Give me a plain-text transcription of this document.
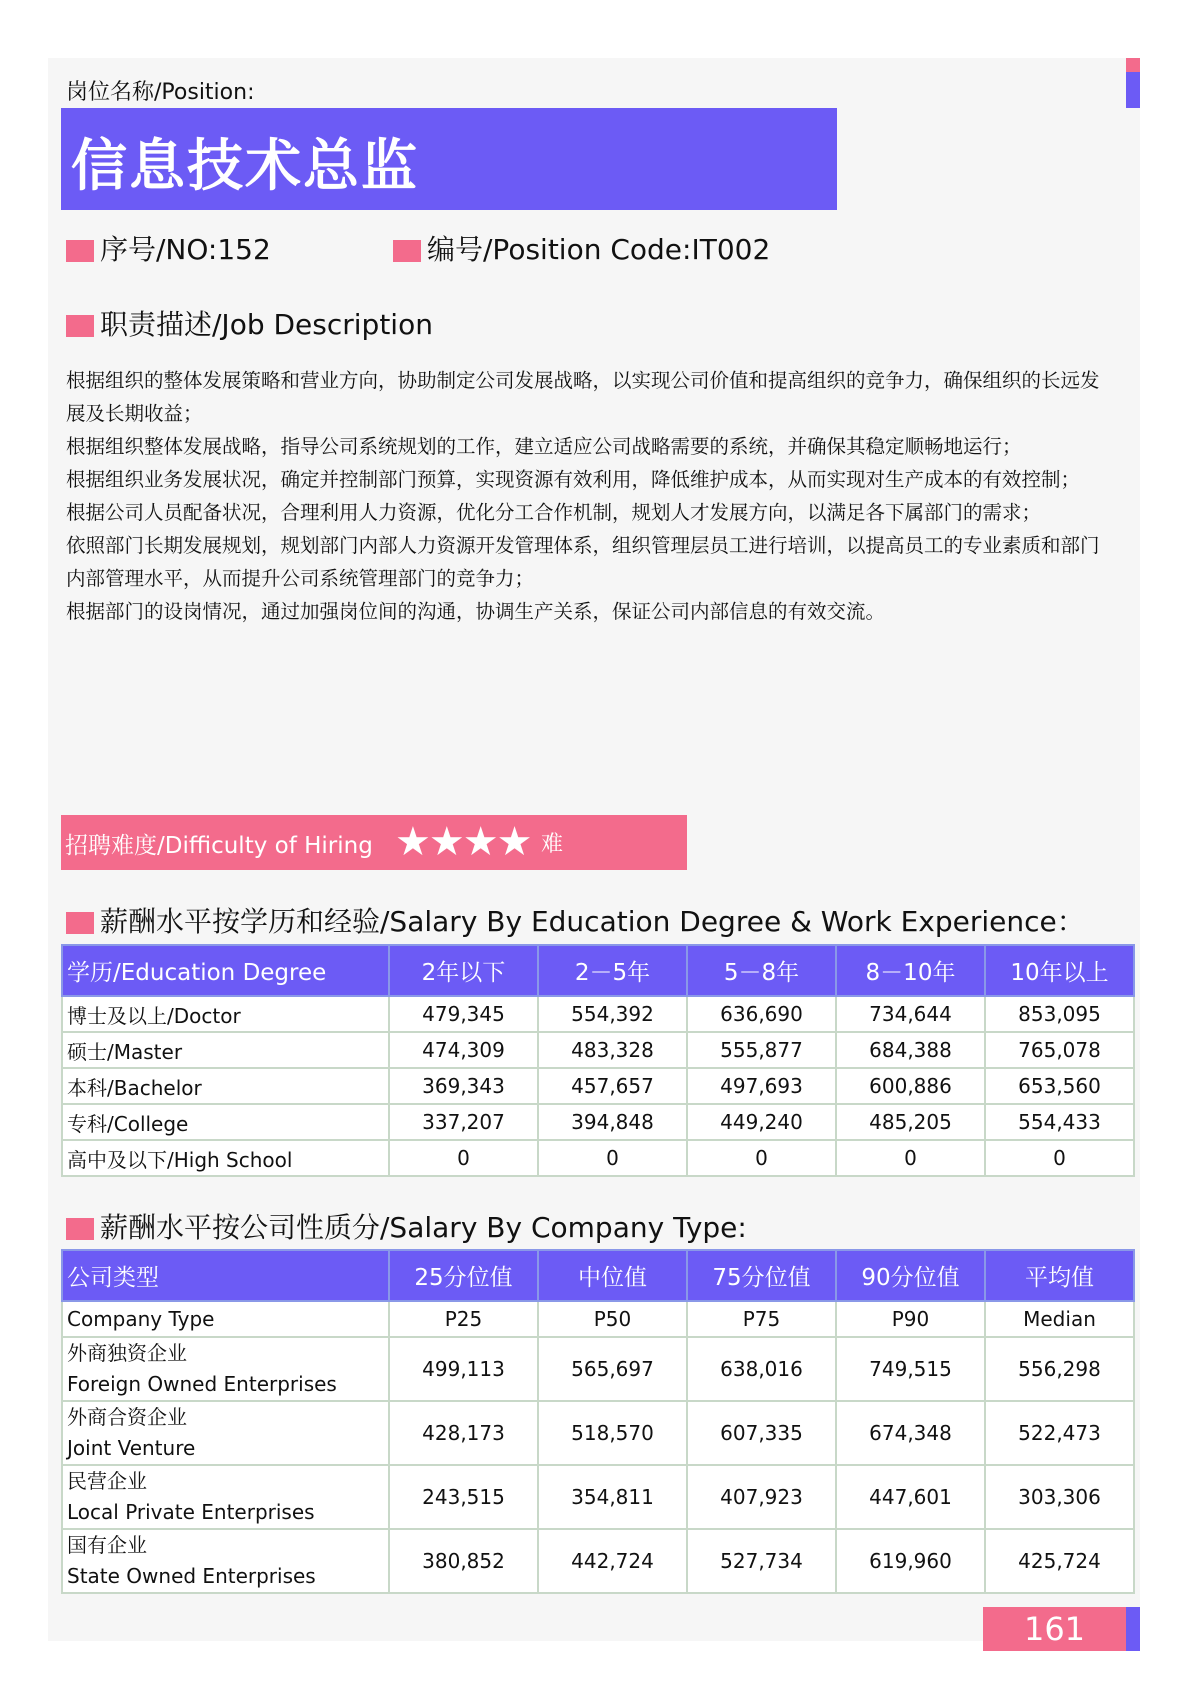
岗位名称/Position:
信息技术总监
序号/NO:152	编号/Position Code:IT002
职责描述/Job Description
根据组织的整体发展策略和营业方向，协助制定公司发展战略，以实现公司价值和提高组织的竞争力，确保组织的长远发
展及长期收益；
根据组织整体发展战略，指导公司系统规划的工作，建立适应公司战略需要的系统，并确保其稳定顺畅地运行；
根据组织业务发展状况，确定并控制部门预算，实现资源有效利用，降低维护成本，从而实现对生产成本的有效控制；
根据公司人员配备状况，合理利用人力资源，优化分工合作机制，规划人才发展方向，以满足各下属部门的需求；
依照部门长期发展规划，规划部门内部人力资源开发管理体系，组织管理层员工进行培训，以提高员工的专业素质和部门
内部管理水平，从而提升公司系统管理部门的竞争力；
根据部门的设岗情况，通过加强岗位间的沟通，协调生产关系，保证公司内部信息的有效交流。
招聘难度/Difficulty of Hiring ★★★★ 难
薪酬水平按学历和经验/Salary By Education Degree & Work Experience：
学历/Education Degree	2年以下	2－5年	5－8年	8－10年	10年以上
博士及以上/Doctor	479,345	554,392	636,690	734,644	853,095
硕士/Master	474,309	483,328	555,877	684,388	765,078
本科/Bachelor	369,343	457,657	497,693	600,886	653,560
专科/College	337,207	394,848	449,240	485,205	554,433
高中及以下/High School	0	0	0	0	0
薪酬水平按公司性质分/Salary By Company Type:
公司类型	25分位值	中位值	75分位值	90分位值	平均值
Company Type	P25	P50	P75	P90	Median

外商独资企业
Foreign Owned Enterprises	499,113	565,697	638,016	749,515	556,298

外商合资企业
Joint Venture	428,173	518,570	607,335	674,348	522,473

民营企业
Local Private Enterprises	243,515	354,811	407,923	447,601	303,306

国有企业
State Owned Enterprises	380,852	442,724	527,734	619,960	425,724
161
